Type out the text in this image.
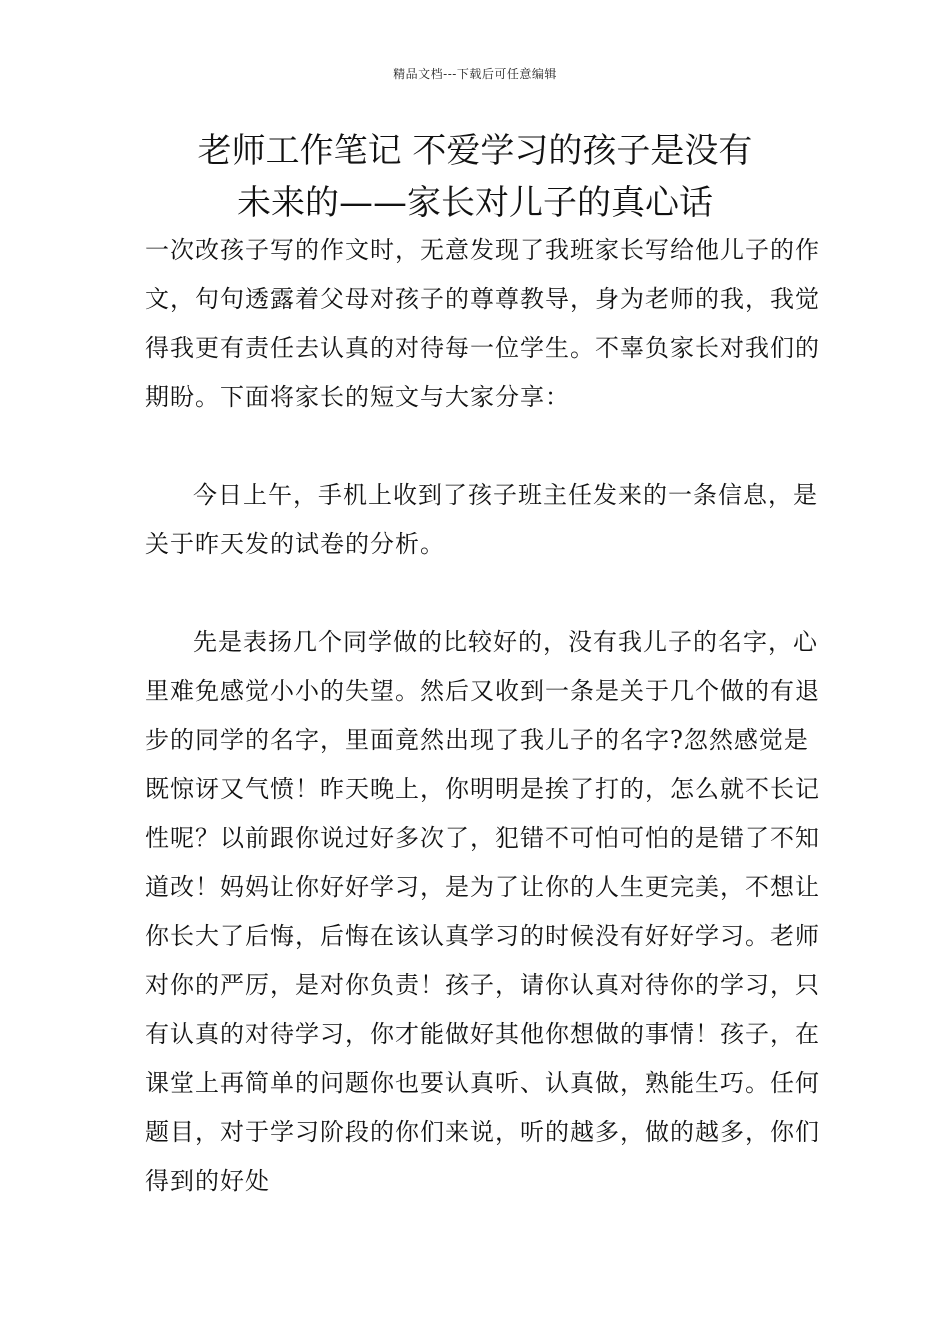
精品文档---下载后可任意编辑
老师工作笔记 不爱学习的孩子是没有
未来的——家长对儿子的真心话

一次改孩子写的作文时，无意发现了我班家长写给他儿子的作文，句句透露着父母对孩子的尊尊教导，身为老师的我，我觉得我更有责任去认真的对待每一位学生。不辜负家长对我们的期盼。下面将家长的短文与大家分享：

今日上午，手机上收到了孩子班主任发来的一条信息，是关于昨天发的试卷的分析。

先是表扬几个同学做的比较好的，没有我儿子的名字，心里难免感觉小小的失望。然后又收到一条是关于几个做的有退步的同学的名字，里面竟然出现了我儿子的名字?忽然感觉是既惊讶又气愤！昨天晚上，你明明是挨了打的，怎么就不长记性呢？以前跟你说过好多次了，犯错不可怕可怕的是错了不知道改！妈妈让你好好学习，是为了让你的人生更完美，不想让你长大了后悔，后悔在该认真学习的时候没有好好学习。老师对你的严厉，是对你负责！孩子，请你认真对待你的学习，只有认真的对待学习，你才能做好其他你想做的事情！孩子，在课堂上再简单的问题你也要认真听、认真做，熟能生巧。任何题目，对于学习阶段的你们来说，听的越多，做的越多，你们得到的好处
